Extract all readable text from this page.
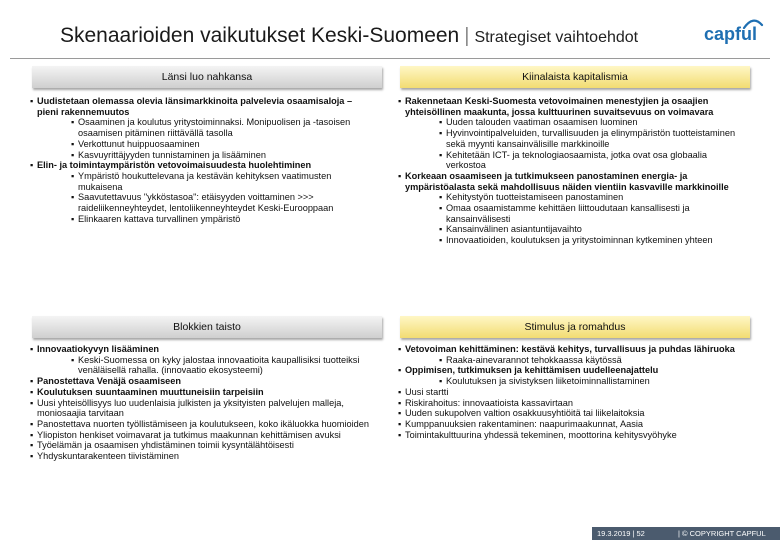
Skenaarioiden vaikutukset Keski-Suomeen | Strategiset vaihtoehdot	capful
Länsi luo nahkansa
▪ Uudistetaan olemassa olevia länsimarkkinoita palvelevia osaamisaloja – pieni rakennemuutos
▪ Osaaminen ja koulutus yritystoiminnaksi. Monipuolisen ja -tasoisen osaamisen pitäminen riittävällä tasolla
▪ Verkottunut huippuosaaminen
▪ Kasvuyrittäjyyden tunnistaminen ja lisääminen
▪ Elin- ja toimintaympäristön vetovoimaisuudesta huolehtiminen
▪ Ympäristö houkuttelevana ja kestävän kehityksen vaatimusten mukaisena
▪ Saavutettavuus "ykköstasoa": etäisyyden voittaminen >>> raideliikenneyhteydet, lentoliikenneyhteydet Keski-Eurooppaan
▪ Elinkaaren kattava turvallinen ympäristö
Kiinalaista kapitalismia
▪ Rakennetaan Keski-Suomesta vetovoimainen menestyjien ja osaajien yhteisöllinen maakunta, jossa kulttuurinen suvaitsevuus on voimavara
▪ Uuden talouden vaatiman osaamisen luominen
▪ Hyvinvointipalveluiden, turvallisuuden ja elinympäristön tuotteistaminen sekä myynti kansainvälisille markkinoille
▪ Kehitetään ICT- ja teknologiaosaamista, jotka ovat osa globaalia verkostoa
▪ Korkeaan osaamiseen ja tutkimukseen panostaminen energia- ja ympäristöalasta sekä mahdollisuus näiden vientiin kasvaville markkinoille
▪ Kehitystyön tuotteistamiseen panostaminen
▪ Omaa osaamistamme kehittäen liittoudutaan kansallisesti ja kansainvälisesti
▪ Kansainvälinen asiantuntijavaihto
▪ Innovaatioiden, koulutuksen ja yritystoiminnan kytkeminen yhteen
Blokkien taisto
▪ Innovaatiokyvyn lisääminen
▪ Keski-Suomessa on kyky jalostaa innovaatioita kaupallisiksi tuotteiksi venäläisellä rahalla. (innovaatio ekosysteemi)
▪ Panostettava Venäjä osaamiseen
▪ Koulutuksen suuntaaminen muuttuneisiin tarpeisiin
▪ Uusi yhteisöllisyys luo uudenlaisia julkisten ja yksityisten palvelujen malleja, moniosaajia tarvitaan
▪ Panostettava nuorten työllistämiseen ja koulutukseen, koko ikäluokka huomioiden
▪ Yliopiston henkiset voimavarat ja tutkimus maakunnan kehittämisen avuksi
▪ Työelämän ja osaamisen yhdistäminen toimii kysyntälähtöisesti
▪ Yhdyskuntarakenteen tiivistäminen
Stimulus ja romahdus
▪ Vetovoiman kehittäminen: kestävä kehitys, turvallisuus ja puhdas lähiruoka
▪ Raaka-ainevarannot tehokkaassa käytössä
▪ Oppimisen, tutkimuksen ja kehittämisen uudelleenajattelu
▪ Koulutuksen ja sivistyksen liiketoiminnallistaminen
▪ Uusi startti
▪ Riskirahoitus: innovaatioista kassavirtaan
▪ Uuden sukupolven valtion osakkuusyhtiöitä tai liikelaitoksia
▪ Kumppanuuksien rakentaminen: naapurimaakunnat, Aasia
▪ Toimintakulttuurina yhdessä tekeminen, moottorina kehitysvyöhyke
19.3.2019 | 52	| © COPYRIGHT CAPFUL
